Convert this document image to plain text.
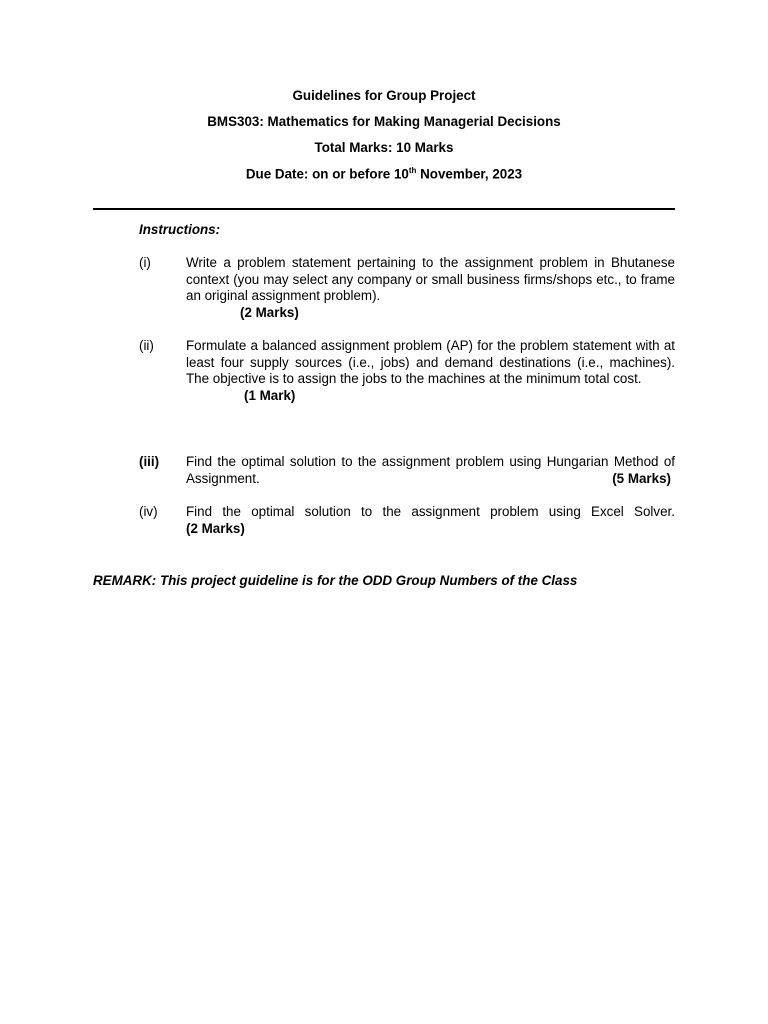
Guidelines for Group Project
BMS303: Mathematics for Making Managerial Decisions
Total Marks: 10 Marks
Due Date: on or before 10th November, 2023
Instructions:
(i)	Write a problem statement pertaining to the assignment problem in Bhutanese context (you may select any company or small business firms/shops etc., to frame an original assignment problem).
(2 Marks)
(ii) Formulate a balanced assignment problem (AP) for the problem statement with at least four supply sources (i.e., jobs) and demand destinations (i.e., machines). The objective is to assign the jobs to the machines at the minimum total cost.
(1 Mark)
(iii) Find the optimal solution to the assignment problem using Hungarian Method of Assignment.	(5 Marks)
(iv) Find the optimal solution to the assignment problem using Excel Solver.
(2 Marks)
REMARK: This project guideline is for the ODD Group Numbers of the Class
